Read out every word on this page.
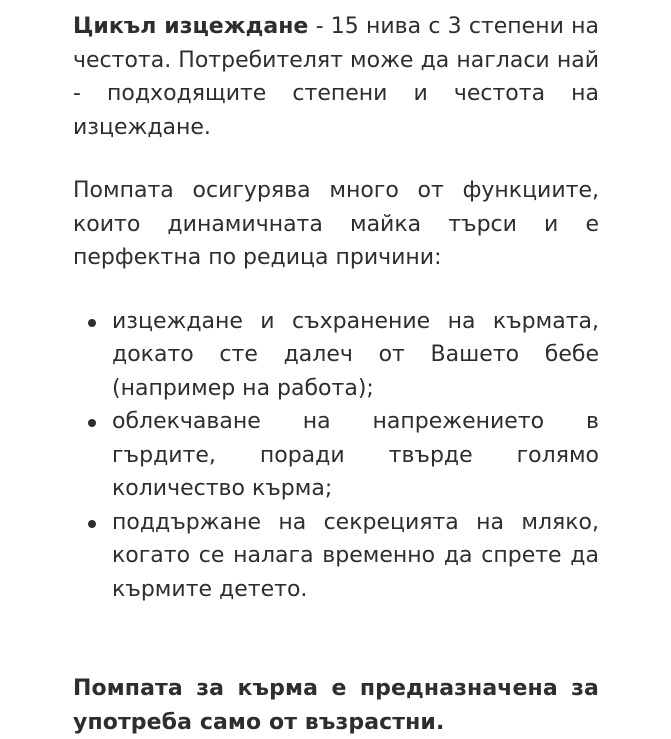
Цикъл изцеждане - 15 нива с 3 степени на честота. Потребителят може да нагласи най - подходящите степени и честота на изцеждане.

Помпата осигурява много от функциите, които динамичната майка търси и е перфектна по редица причини:

изцеждане и съхранение на кърмата, докато сте далеч от Вашето бебе (например на работа);
облекчаване на напрежението в гърдите, поради твърде голямо количество кърма;
поддържане на секрецията на мляко, когато се налага временно да спрете да кърмите детето.

Помпата за кърма е предназначена за употреба само от възрастни.
